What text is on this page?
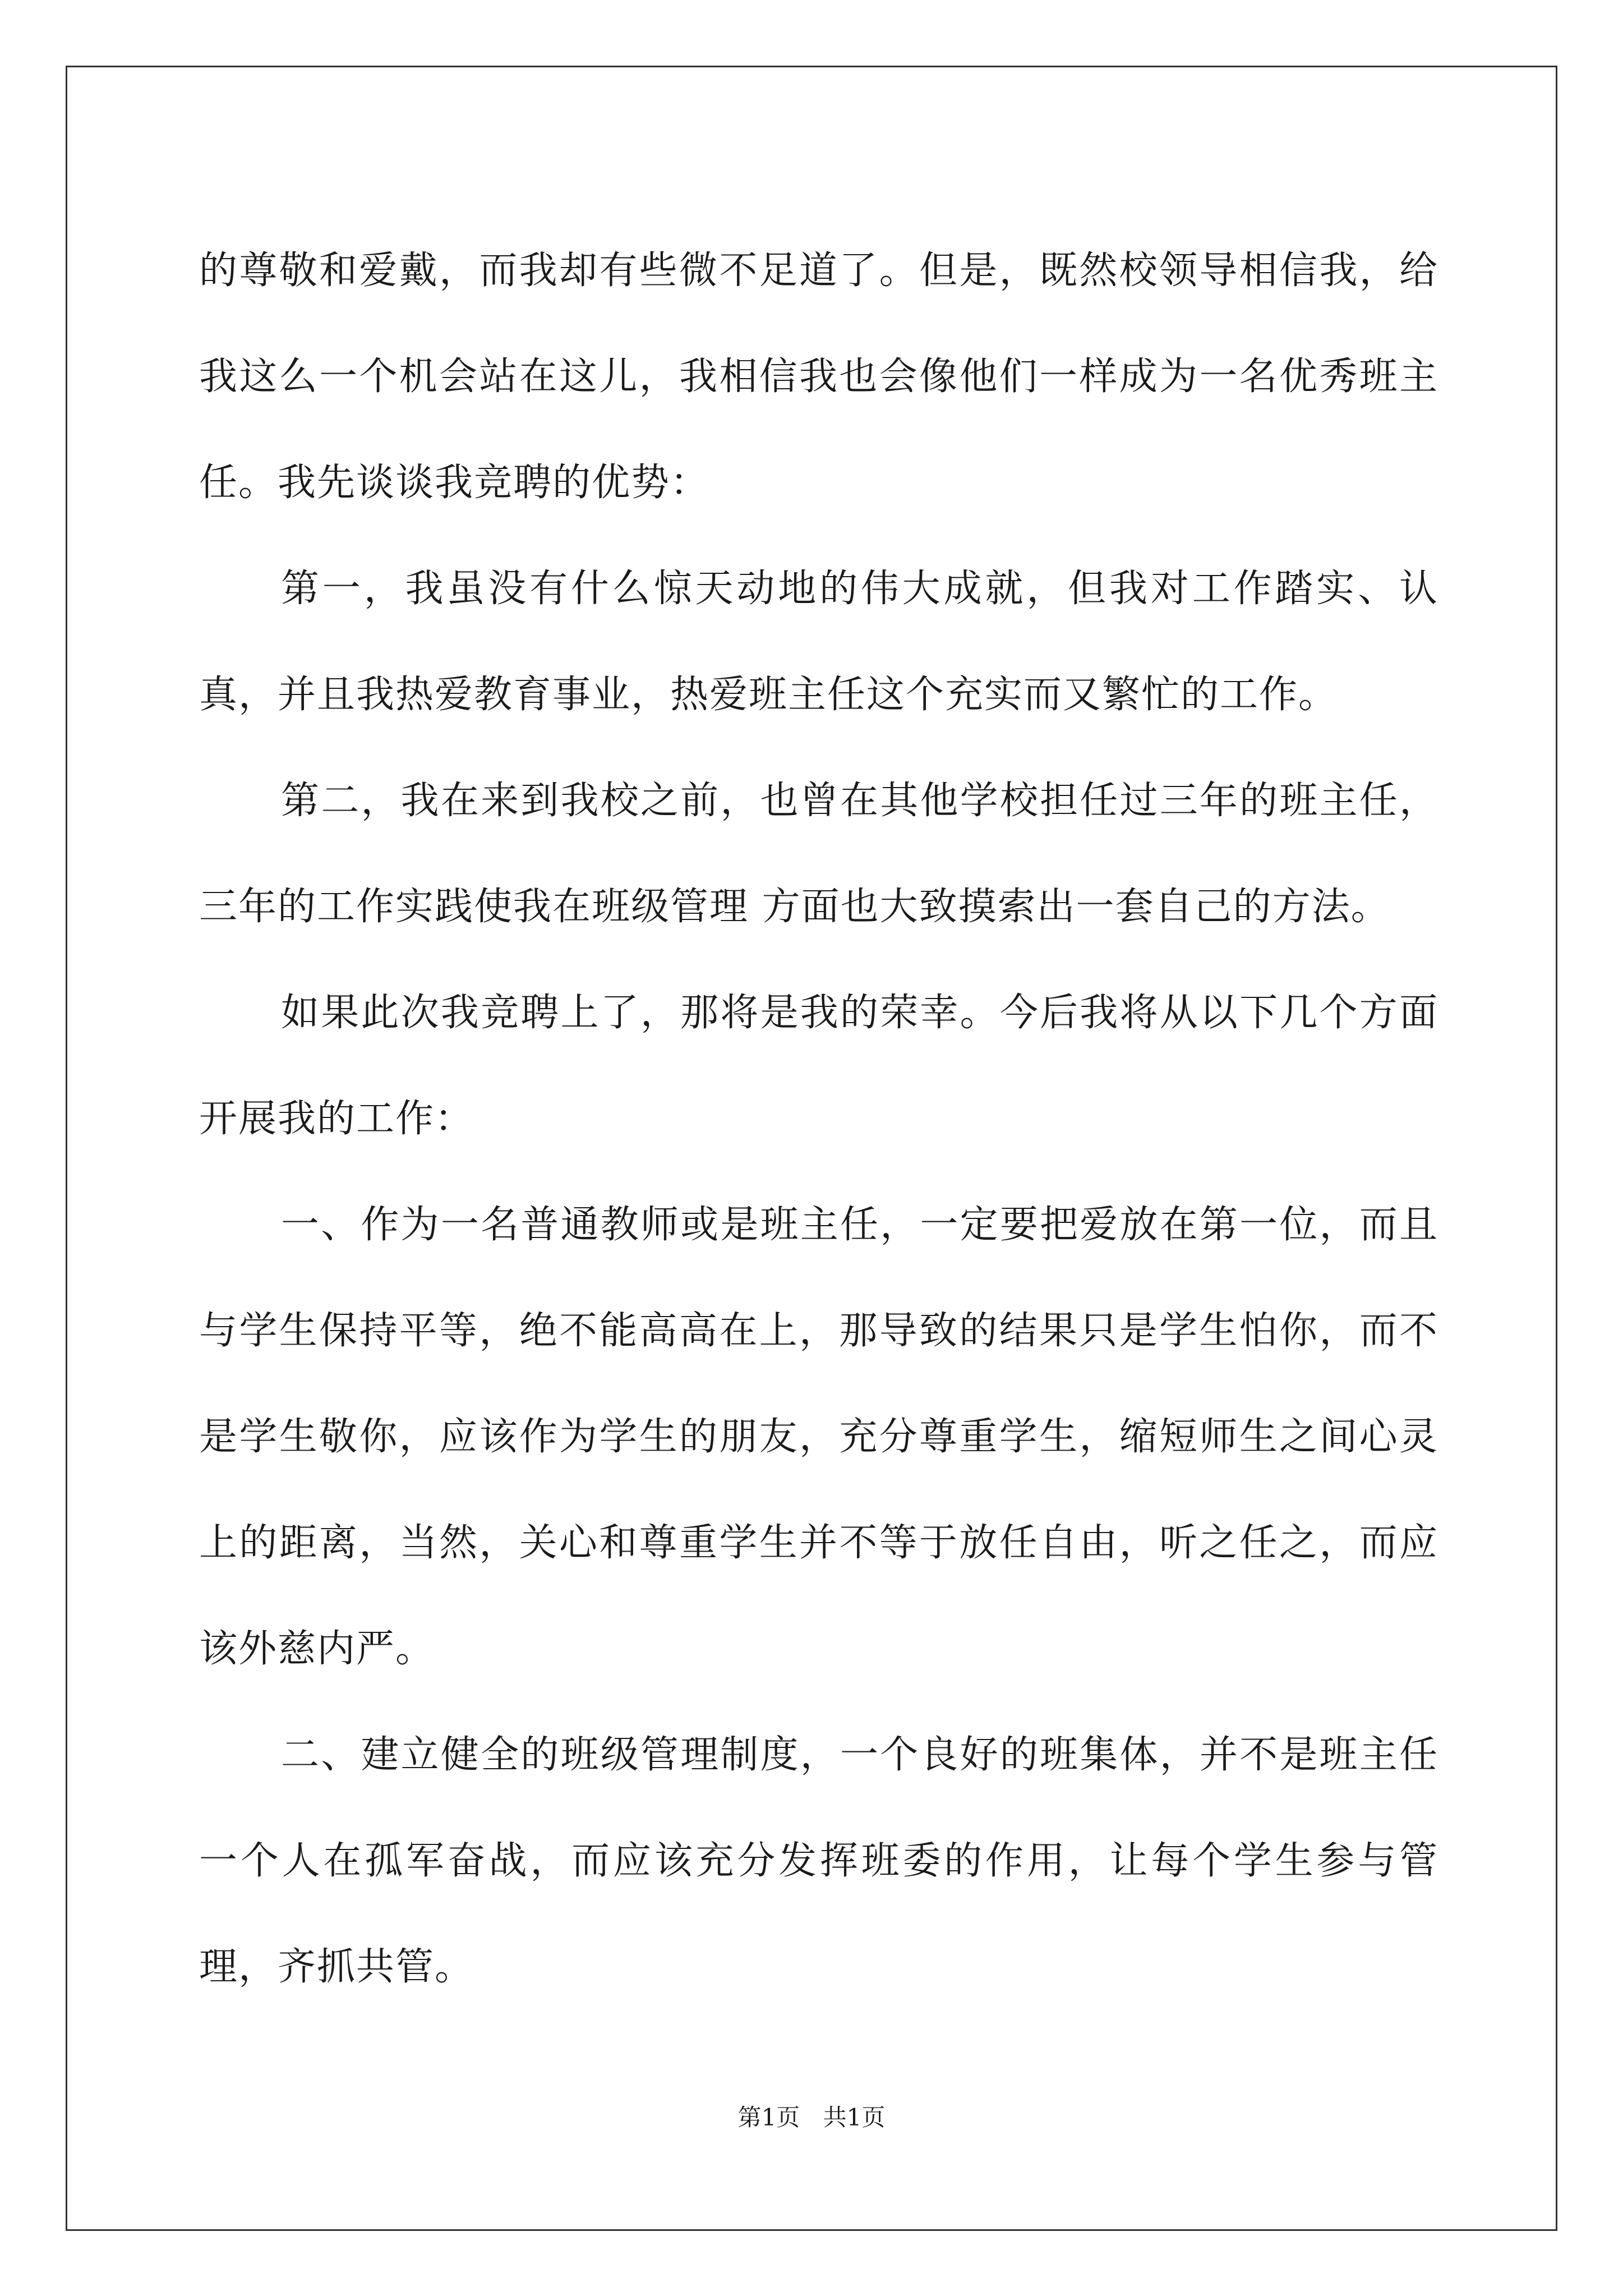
的尊敬和爱戴，而我却有些微不足道了。但是，既然校领导相信我，给我这么一个机会站在这儿，我相信我也会像他们一样成为一名优秀班主任。我先谈谈我竞聘的优势：

第一，我虽没有什么惊天动地的伟大成就，但我对工作踏实、认真，并且我热爱教育事业，热爱班主任这个充实而又繁忙的工作。

第二，我在来到我校之前，也曾在其他学校担任过三年的班主任，三年的工作实践使我在班级管理 方面也大致摸索出一套自己的方法。

如果此次我竞聘上了，那将是我的荣幸。今后我将从以下几个方面开展我的工作：

一、作为一名普通教师或是班主任，一定要把爱放在第一位，而且与学生保持平等，绝不能高高在上，那导致的结果只是学生怕你，而不是学生敬你，应该作为学生的朋友，充分尊重学生，缩短师生之间心灵上的距离，当然，关心和尊重学生并不等于放任自由，听之任之，而应该外慈内严。

二、建立健全的班级管理制度，一个良好的班集体，并不是班主任一个人在孤军奋战，而应该充分发挥班委的作用，让每个学生参与管理，齐抓共管。

第1页 共1页
